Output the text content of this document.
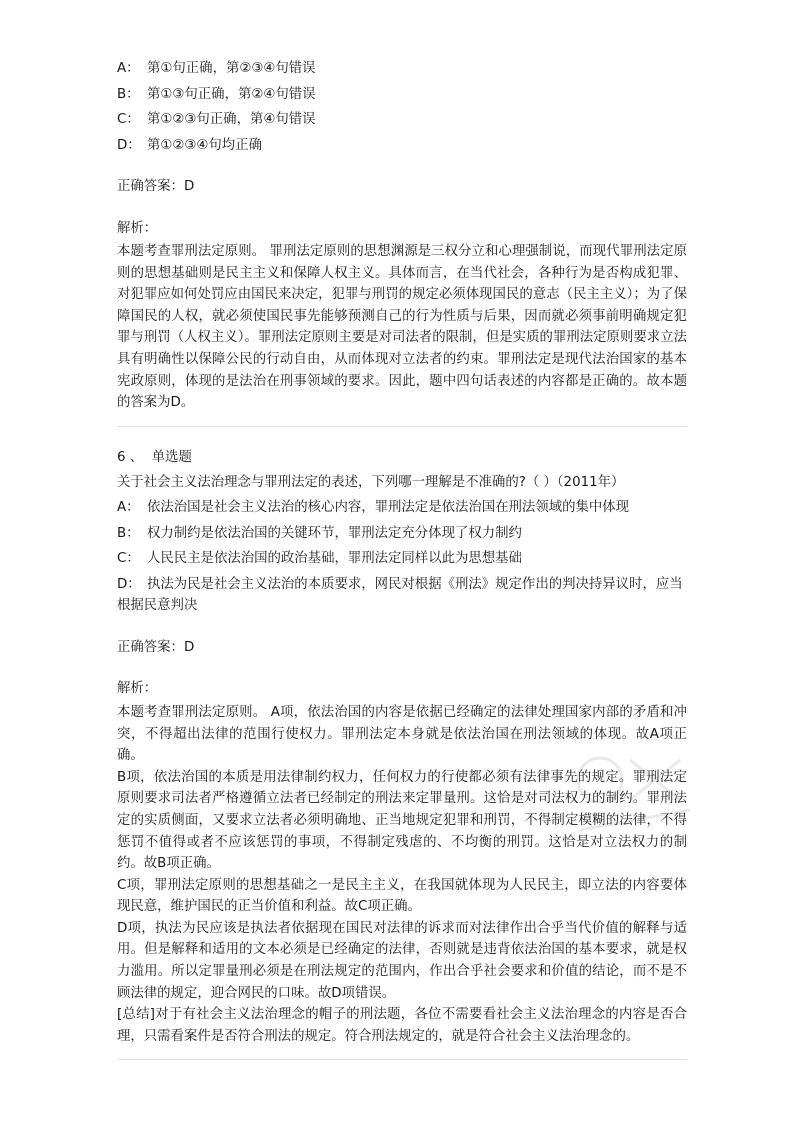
A： 第①句正确，第②③④句错误
B： 第①③句正确，第②④句错误
C： 第①②③句正确，第④句错误
D： 第①②③④句均正确
正确答案：D
解析：

本题考查罪刑法定原则。 罪刑法定原则的思想渊源是三权分立和心理强制说，而现代罪刑法定原则的思想基础则是民主主义和保障人权主义。具体而言，在当代社会，各种行为是否构成犯罪、对犯罪应如何处罚应由国民来决定，犯罪与刑罚的规定必须体现国民的意志（民主主义）；为了保障国民的人权，就必须使国民事先能够预测自己的行为性质与后果，因而就必须事前明确规定犯罪与刑罚（人权主义）。罪刑法定原则主要是对司法者的限制，但是实质的罪刑法定原则要求立法具有明确性以保障公民的行动自由，从而体现对立法者的约束。罪刑法定是现代法治国家的基本宪政原则，体现的是法治在刑事领域的要求。因此，题中四句话表述的内容都是正确的。故本题的答案为D。

6 、 单选题
关于社会主义法治理念与罪刑法定的表述，下列哪一理解是不准确的?（ ）（2011年）
A： 依法治国是社会主义法治的核心内容，罪刑法定是依法治国在刑法领域的集中体现
B： 权力制约是依法治国的关键环节，罪刑法定充分体现了权力制约
C： 人民民主是依法治国的政治基础，罪刑法定同样以此为思想基础
D： 执法为民是社会主义法治的本质要求，网民对根据《刑法》规定作出的判决持异议时，应当根据民意判决
正确答案：D
解析：

本题考查罪刑法定原则。 A项，依法治国的内容是依据已经确定的法律处理国家内部的矛盾和冲突，不得超出法律的范围行使权力。罪刑法定本身就是依法治国在刑法领域的体现。故A项正确。

B项，依法治国的本质是用法律制约权力，任何权力的行使都必须有法律事先的规定。罪刑法定原则要求司法者严格遵循立法者已经制定的刑法来定罪量刑。这恰是对司法权力的制约。罪刑法定的实质侧面，又要求立法者必须明确地、正当地规定犯罪和刑罚，不得制定模糊的法律，不得惩罚不值得或者不应该惩罚的事项，不得制定残虐的、不均衡的刑罚。这恰是对立法权力的制约。故B项正确。

C项，罪刑法定原则的思想基础之一是民主主义，在我国就体现为人民民主，即立法的内容要体现民意，维护国民的正当价值和利益。故C项正确。

D项，执法为民应该是执法者依据现在国民对法律的诉求而对法律作出合乎当代价值的解释与适用。但是解释和适用的文本必须是已经确定的法律，否则就是违背依法治国的基本要求，就是权力滥用。所以定罪量刑必须是在刑法规定的范围内，作出合乎社会要求和价值的结论，而不是不顾法律的规定，迎合网民的口味。故D项错误。

[总结]对于有社会主义法治理念的帽子的刑法题，各位不需要看社会主义法治理念的内容是否合理，只需看案件是否符合刑法的规定。符合刑法规定的，就是符合社会主义法治理念的。
